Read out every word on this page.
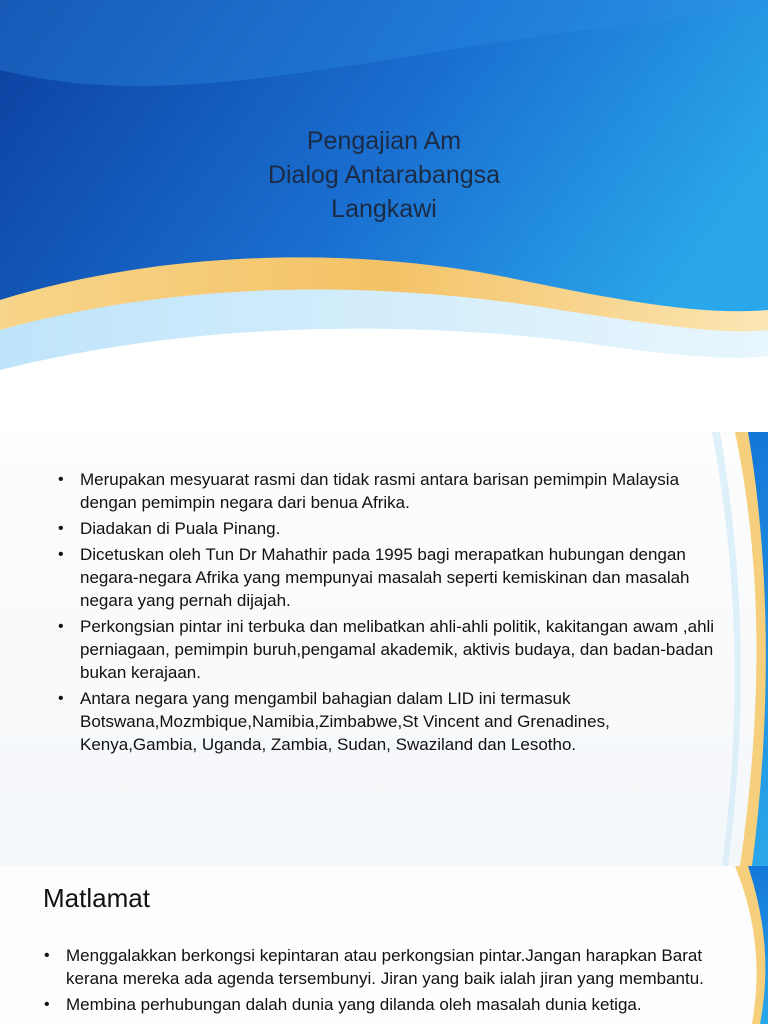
Pengajian Am
Dialog Antarabangsa
Langkawi
• Merupakan mesyuarat rasmi dan tidak rasmi antara barisan pemimpin Malaysia dengan pemimpin negara dari benua Afrika.
• Diadakan di Puala Pinang.
• Dicetuskan oleh Tun Dr Mahathir pada 1995 bagi merapatkan hubungan dengan negara-negara Afrika yang mempunyai masalah seperti kemiskinan dan masalah negara yang pernah dijajah.
• Perkongsian pintar ini terbuka dan melibatkan ahli-ahli politik, kakitangan awam ,ahli perniagaan, pemimpin buruh,pengamal akademik, aktivis budaya, dan badan-badan bukan kerajaan.
• Antara negara yang mengambil bahagian dalam LID ini termasuk Botswana,Mozmbique,Namibia,Zimbabwe,St Vincent and Grenadines, Kenya,Gambia, Uganda, Zambia, Sudan, Swaziland dan Lesotho.
Matlamat
• Menggalakkan berkongsi kepintaran atau perkongsian pintar.Jangan harapkan Barat kerana mereka ada agenda tersembunyi. Jiran yang baik ialah jiran yang membantu.
• Membina perhubungan dalah dunia yang dilanda oleh masalah dunia ketiga.
